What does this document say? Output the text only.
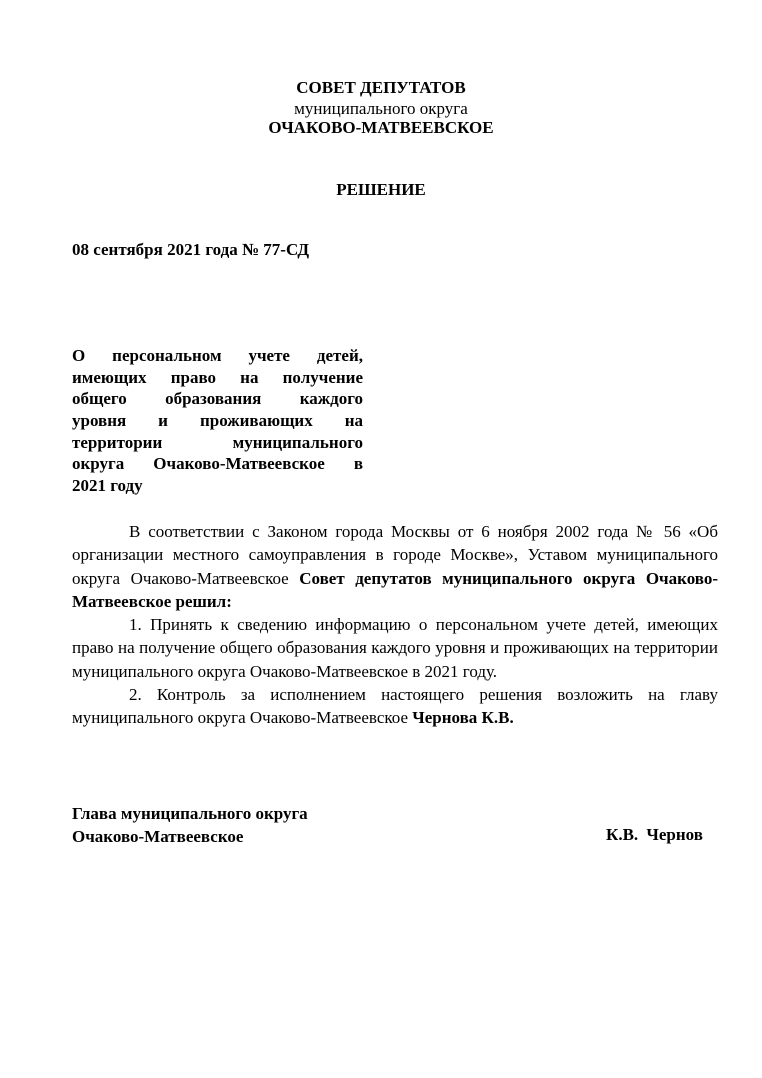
СОВЕТ ДЕПУТАТОВ
муниципального округа
ОЧАКОВО-МАТВЕЕВСКОЕ
РЕШЕНИЕ
08 сентября 2021 года № 77-СД
О персональном учете детей,
имеющих право на получение
общего образования каждого
уровня и проживающих на
территории муниципального
округа Очаково-Матвеевское в
2021 году

В соответствии с Законом города Москвы от 6 ноября 2002 года № 56 «Об организации местного самоуправления в городе Москве», Уставом муниципального округа Очаково-Матвеевское Совет депутатов муниципального округа Очаково-Матвеевское решил:

1. Принять к сведению информацию о персональном учете детей, имеющих право на получение общего образования каждого уровня и проживающих на территории муниципального округа Очаково-Матвеевское в 2021 году.

2. Контроль за исполнением настоящего решения возложить на главу муниципального округа Очаково-Матвеевское Чернова К.В.

Глава муниципального округа
Очаково-Матвеевское	К.В. Чернов
